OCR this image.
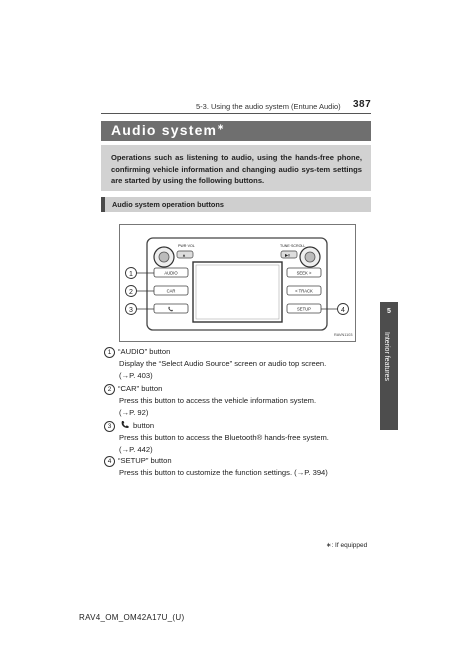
5-3. Using the audio system (Entune Audio) 387
Audio system∗
Operations such as listening to audio, using the hands-free phone, confirming vehicle information and changing audio sys-tem settings are started by using the following buttons.
Audio system operation buttons
PWR·VOL	TUNE·SCROLL
▲	▶II
AUDIO
CAR
📞
SEEK >
< TRACK
SETUP
1
2
3	4
RAVN1103
5
Interior features
1 “AUDIO” button
Display the “Select Audio Source” screen or audio top screen.
(→P. 403)
2 “CAR” button
Press this button to access the vehicle information system.
(→P. 92)
3	button
Press this button to access the Bluetooth® hands-free system.
(→P. 442)
4 “SETUP” button
Press this button to customize the function settings. (→P. 394)
∗: If equipped
RAV4_OM_OM42A17U_(U)
